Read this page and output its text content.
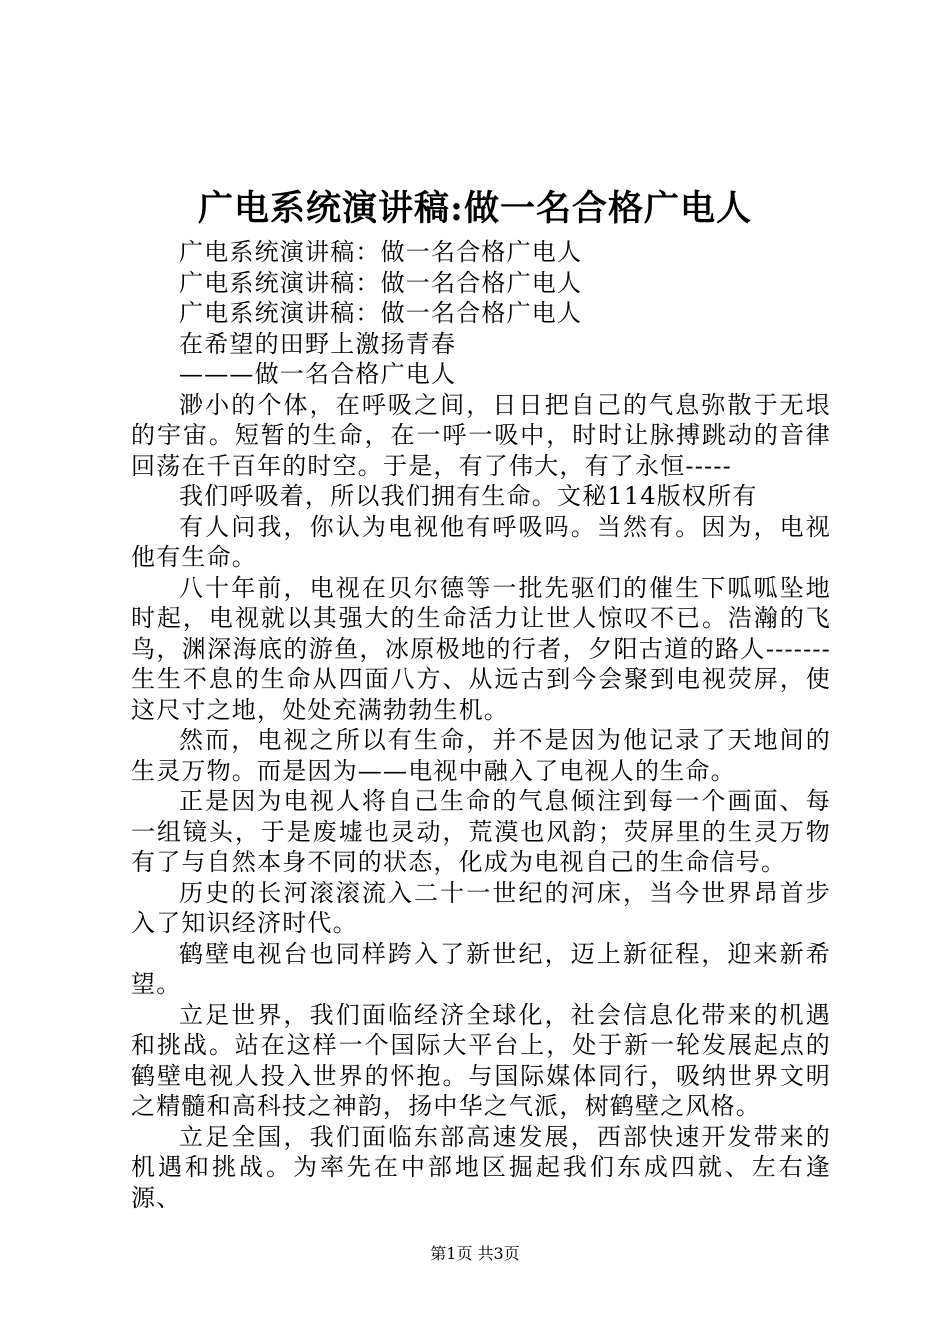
广电系统演讲稿:做一名合格广电人

广电系统演讲稿：做一名合格广电人

广电系统演讲稿：做一名合格广电人

广电系统演讲稿：做一名合格广电人

在希望的田野上激扬青春

———做一名合格广电人

渺小的个体，在呼吸之间，日日把自己的气息弥散于无垠的宇宙。短暂的生命，在一呼一吸中，时时让脉搏跳动的音律回荡在千百年的时空。于是，有了伟大，有了永恒-----

我们呼吸着，所以我们拥有生命。文秘114版权所有

有人问我，你认为电视他有呼吸吗。当然有。因为，电视他有生命。

八十年前，电视在贝尔德等一批先驱们的催生下呱呱坠地时起，电视就以其强大的生命活力让世人惊叹不已。浩瀚的飞鸟，渊深海底的游鱼，冰原极地的行者，夕阳古道的路人-------生生不息的生命从四面八方、从远古到今会聚到电视荧屏，使这尺寸之地，处处充满勃勃生机。

然而，电视之所以有生命，并不是因为他记录了天地间的生灵万物。而是因为——电视中融入了电视人的生命。

正是因为电视人将自己生命的气息倾注到每一个画面、每一组镜头，于是废墟也灵动，荒漠也风韵；荧屏里的生灵万物有了与自然本身不同的状态，化成为电视自己的生命信号。

历史的长河滚滚流入二十一世纪的河床，当今世界昂首步入了知识经济时代。

鹤壁电视台也同样跨入了新世纪，迈上新征程，迎来新希望。

立足世界，我们面临经济全球化，社会信息化带来的机遇和挑战。站在这样一个国际大平台上，处于新一轮发展起点的鹤壁电视人投入世界的怀抱。与国际媒体同行，吸纳世界文明之精髓和高科技之神韵，扬中华之气派，树鹤壁之风格。

立足全国，我们面临东部高速发展，西部快速开发带来的机遇和挑战。为率先在中部地区掘起我们东成四就、左右逢源、

第1页 共3页
